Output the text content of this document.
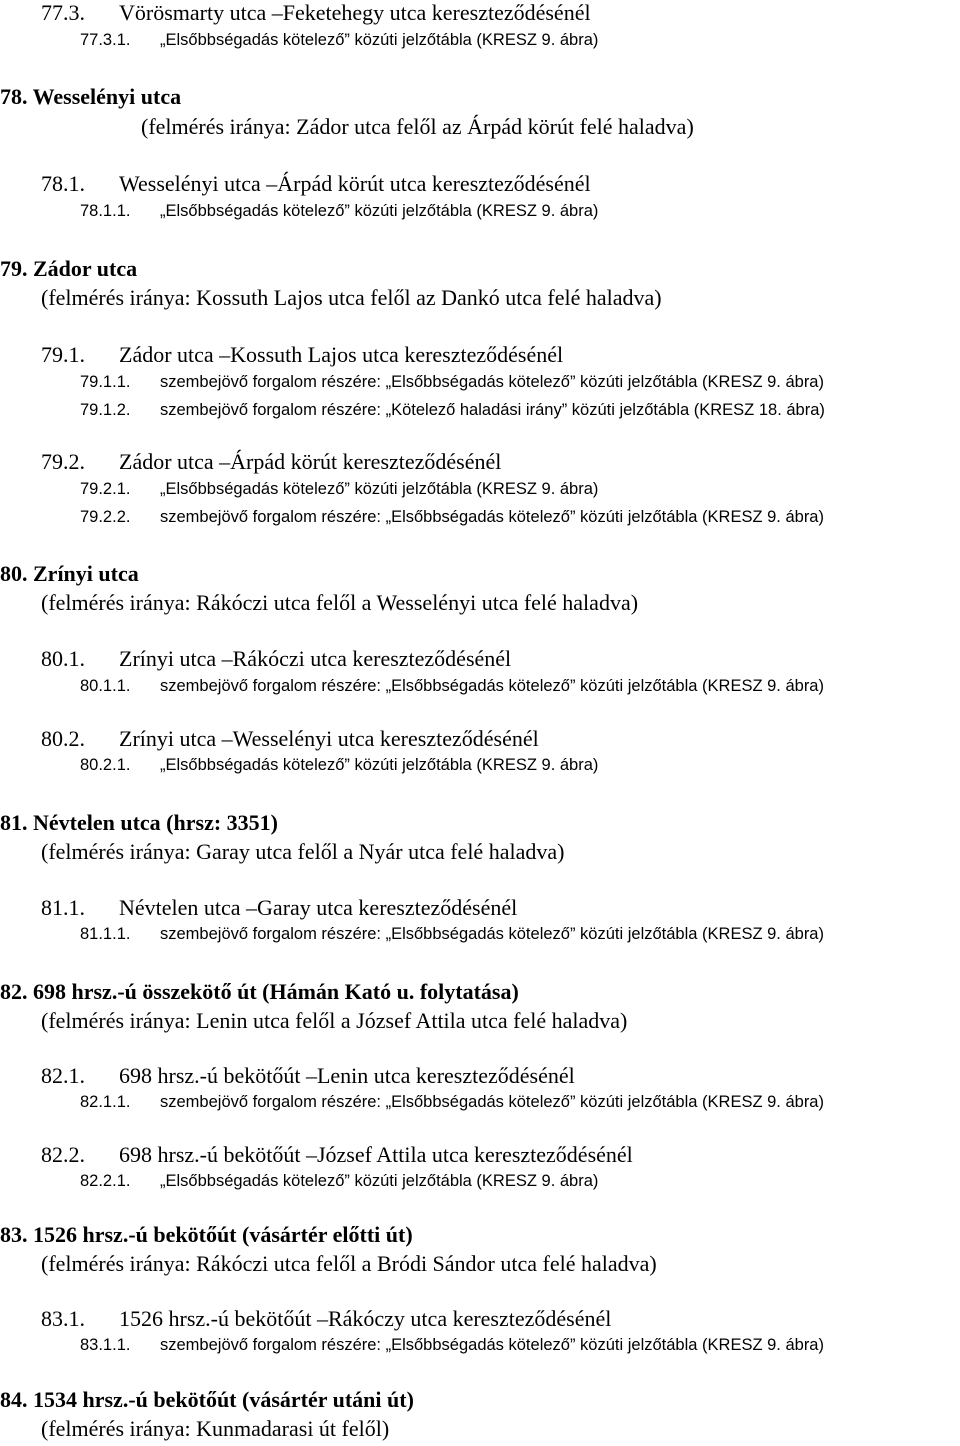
77.3. Vörösmarty utca –Feketehegy utca kereszteződésénél
77.3.1. „Elsőbbségadás kötelező” közúti jelzőtábla (KRESZ 9. ábra)
78. Wesselényi utca
(felmérés iránya: Zádor utca felől az Árpád körút felé haladva)
78.1. Wesselényi utca –Árpád körút utca kereszteződésénél
78.1.1. „Elsőbbségadás kötelező” közúti jelzőtábla (KRESZ 9. ábra)
79. Zádor utca
(felmérés iránya: Kossuth Lajos utca felől az Dankó utca felé haladva)
79.1. Zádor utca –Kossuth Lajos utca kereszteződésénél
79.1.1. szembejövő forgalom részére: „Elsőbbségadás kötelező” közúti jelzőtábla (KRESZ 9. ábra)
79.1.2. szembejövő forgalom részére: „Kötelező haladási irány” közúti jelzőtábla (KRESZ 18. ábra)
79.2. Zádor utca –Árpád körút kereszteződésénél
79.2.1. „Elsőbbségadás kötelező” közúti jelzőtábla (KRESZ 9. ábra)
79.2.2. szembejövő forgalom részére: „Elsőbbségadás kötelező” közúti jelzőtábla (KRESZ 9. ábra)
80. Zrínyi utca
(felmérés iránya: Rákóczi utca felől a Wesselényi utca felé haladva)
80.1. Zrínyi utca –Rákóczi utca kereszteződésénél
80.1.1. szembejövő forgalom részére: „Elsőbbségadás kötelező” közúti jelzőtábla (KRESZ 9. ábra)
80.2. Zrínyi utca –Wesselényi utca kereszteződésénél
80.2.1. „Elsőbbségadás kötelező” közúti jelzőtábla (KRESZ 9. ábra)
81. Névtelen utca (hrsz: 3351)
(felmérés iránya: Garay utca felől a Nyár utca felé haladva)
81.1. Névtelen utca –Garay utca kereszteződésénél
81.1.1. szembejövő forgalom részére: „Elsőbbségadás kötelező” közúti jelzőtábla (KRESZ 9. ábra)
82. 698 hrsz.-ú összekötő út (Hámán Kató u. folytatása)
(felmérés iránya: Lenin utca felől a József Attila utca felé haladva)
82.1. 698 hrsz.-ú bekötőút –Lenin utca kereszteződésénél
82.1.1. szembejövő forgalom részére: „Elsőbbségadás kötelező” közúti jelzőtábla (KRESZ 9. ábra)
82.2. 698 hrsz.-ú bekötőút –József Attila utca kereszteződésénél
82.2.1. „Elsőbbségadás kötelező” közúti jelzőtábla (KRESZ 9. ábra)
83. 1526 hrsz.-ú bekötőút (vásártér előtti út)
(felmérés iránya: Rákóczi utca felől a Bródi Sándor utca felé haladva)
83.1. 1526 hrsz.-ú bekötőút –Rákóczy utca kereszteződésénél
83.1.1. szembejövő forgalom részére: „Elsőbbségadás kötelező” közúti jelzőtábla (KRESZ 9. ábra)
84. 1534 hrsz.-ú bekötőút (vásártér utáni út)
(felmérés iránya: Kunmadarasi út felől)
